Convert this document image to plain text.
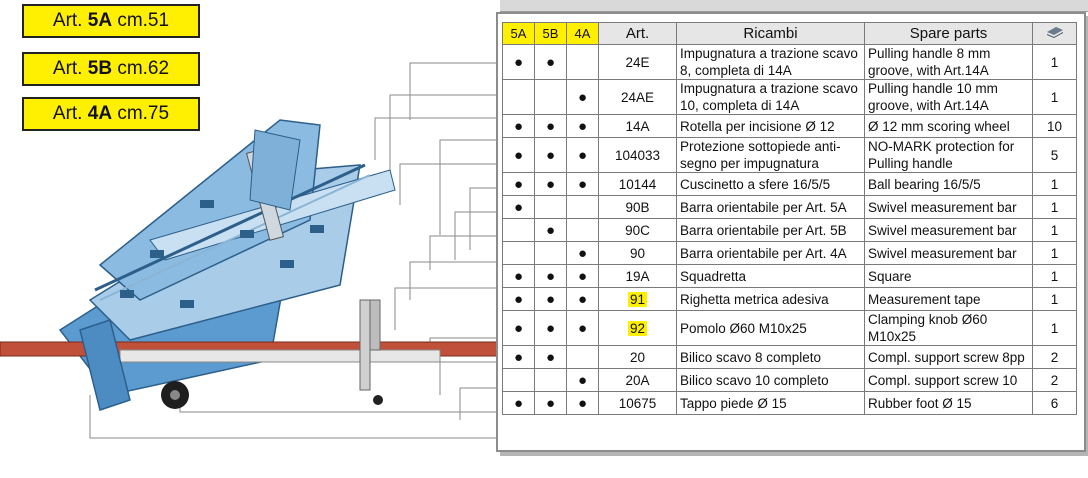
Art. 5A cm.51
Art. 5B cm.62
Art. 4A cm.75
5A	5B	4A	Art.	Ricambi	Spare parts	
●	●		24E	Impugnatura a trazione scavo 8, completa di 14A	Pulling handle 8 mm groove, with Art.14A	1
		●	24AE	Impugnatura a trazione scavo 10, completa di 14A	Pulling handle 10 mm groove, with Art.14A	1
●	●	●	14A	Rotella per incisione Ø 12	Ø 12 mm scoring wheel	10
●	●	●	104033	Protezione sottopiede anti-segno per impugnatura	NO-MARK protection for Pulling handle	5
●	●	●	10144	Cuscinetto a sfere 16/5/5	Ball bearing 16/5/5	1
●			90B	Barra orientabile per Art. 5A	Swivel measurement bar	1
	●		90C	Barra orientabile per Art. 5B	Swivel measurement bar	1
		●	90	Barra orientabile per Art. 4A	Swivel measurement bar	1
●	●	●	19A	Squadretta	Square	1
●	●	●	91	Righetta metrica adesiva	Measurement tape	1
●	●	●	92	Pomolo Ø60 M10x25	Clamping knob Ø60 M10x25	1
●	●		20	Bilico scavo 8 completo	Compl. support screw 8pp	2
		●	20A	Bilico scavo 10 completo	Compl. support screw 10	2
●	●	●	10675	Tappo piede Ø 15	Rubber foot Ø 15	6
